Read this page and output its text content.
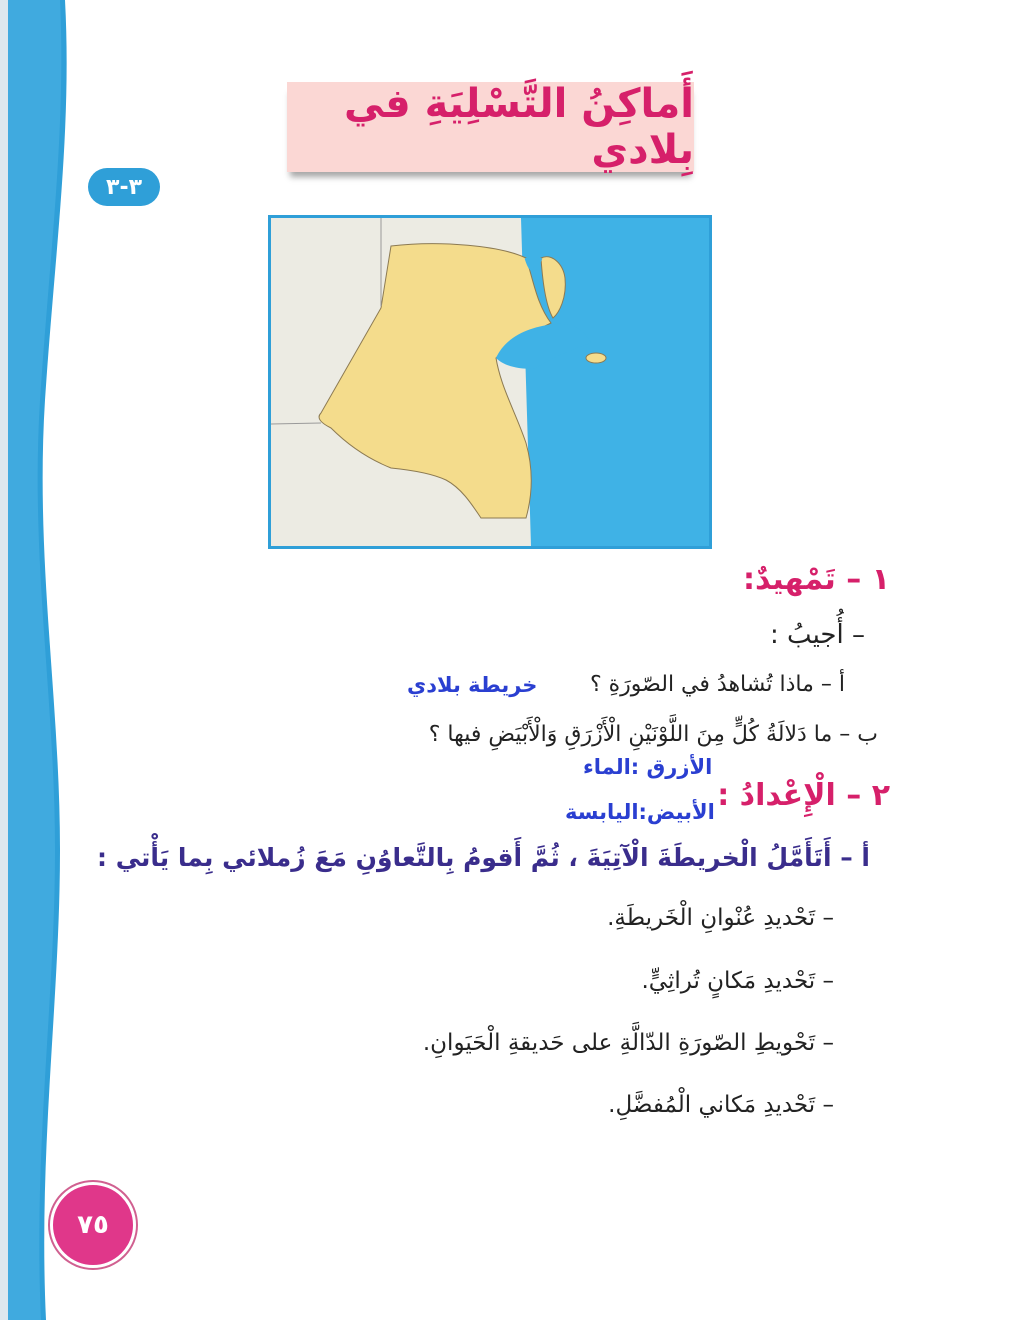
أَماكِنُ التَّسْلِيَةِ في بِلادي
٣-٣
١ – تَمْهيدٌ:
– أُجيبُ :
أ – ماذا تُشاهدُ في الصّورَةِ ؟
خريطة بلادي
ب – ما دَلالَةُ كُلٍّ مِنَ اللَّوْنَيْنِ الْأَزْرَقِ وَالْأَبْيَضِ فيها ؟
الأزرق :الماء
٢ – الْإِعْدادُ :
الأبيض:اليابسة
أ – أَتَأَمَّلُ الْخريطَةَ الْآتِيَةَ ، ثُمَّ أَقومُ بِالتَّعاوُنِ مَعَ زُملائي بِما يَأْتي :
– تَحْديدِ عُنْوانِ الْخَريطَةِ.
– تَحْديدِ مَكانٍ تُراثِيٍّ.
– تَحْويطِ الصّورَةِ الدّالَّةِ على حَديقةِ الْحَيَوانِ.
– تَحْديدِ مَكاني الْمُفضَّلِ.
٧٥
